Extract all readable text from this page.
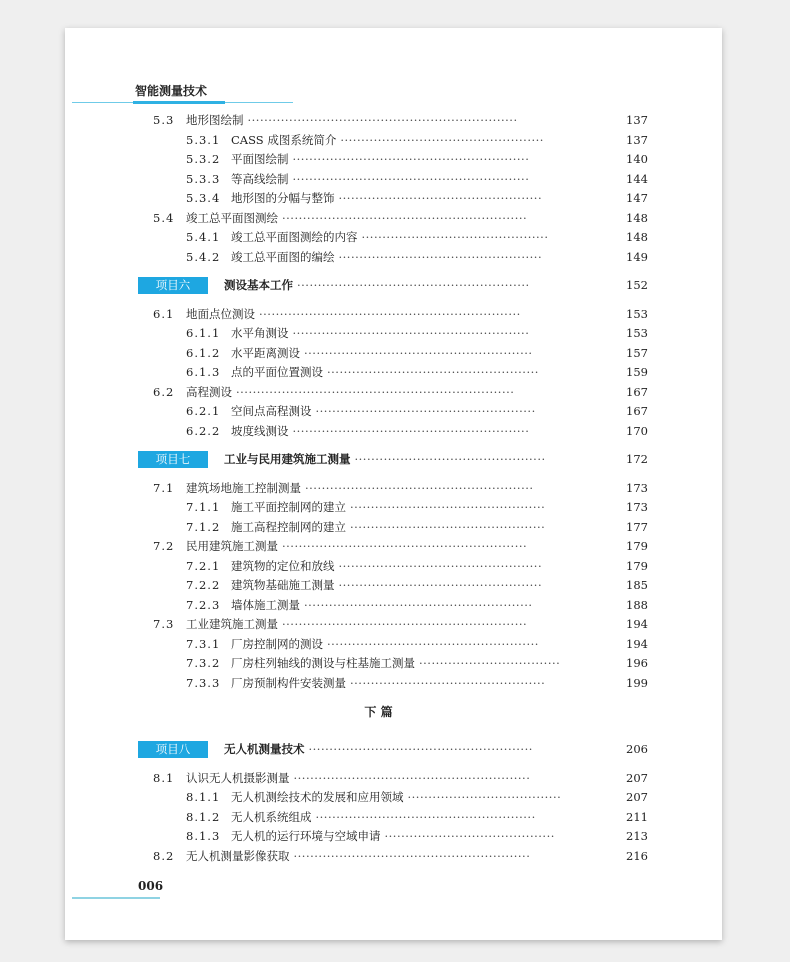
智能测量技术
5.3	地形图绘制 ·································································	137
5.3.1 CASS 成图系统简介 ·················································	137
5.3.2 平面图绘制 ·························································	140
5.3.3 等高线绘制 ·························································	144
5.3.4 地形图的分幅与整饰 ·················································	147
5.4	竣工总平面图测绘 ···························································	148
5.4.1 竣工总平面图测绘的内容 ·············································	148
5.4.2 竣工总平面图的编绘 ·················································	149
项目六	测设基本工作 ························································	152
6.1	地面点位测设 ·······························································	153
6.1.1 水平角测设 ·························································	153
6.1.2 水平距离测设 ·······················································	157
6.1.3 点的平面位置测设 ···················································	159
6.2	高程测设 ···································································	167
6.2.1 空间点高程测设 ·····················································	167
6.2.2 坡度线测设 ·························································	170
项目七	工业与民用建筑施工测量 ··············································	172
7.1	建筑场地施工控制测量 ·······················································	173
7.1.1 施工平面控制网的建立 ···············································	173
7.1.2 施工高程控制网的建立 ···············································	177
7.2	民用建筑施工测量 ···························································	179
7.2.1 建筑物的定位和放线 ·················································	179
7.2.2 建筑物基础施工测量 ·················································	185
7.2.3 墙体施工测量 ·······················································	188
7.3	工业建筑施工测量 ···························································	194
7.3.1 厂房控制网的测设 ···················································	194
7.3.2 厂房柱列轴线的测设与柱基施工测量 ··································	196
7.3.3 厂房预制构件安装测量 ···············································	199
下 篇
项目八	无人机测量技术 ······················································	206
8.1	认识无人机摄影测量 ·························································	207
8.1.1 无人机测绘技术的发展和应用领域 ·····································	207
8.1.2 无人机系统组成 ·····················································	211
8.1.3 无人机的运行环境与空域申请 ·········································	213
8.2	无人机测量影像获取 ·························································	216
006
